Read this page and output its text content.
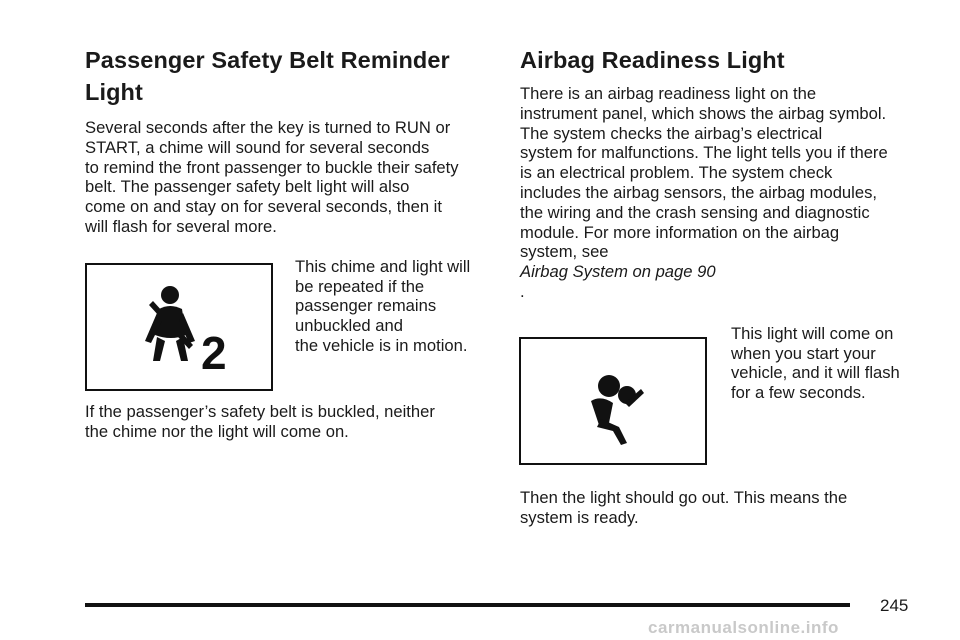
Passenger Safety Belt Reminder
Light

Several seconds after the key is turned to RUN or
START, a chime will sound for several seconds
to remind the front passenger to buckle their safety
belt. The passenger safety belt light will also
come on and stay on for several seconds, then it
will flash for several more.

2

This chime and light will
be repeated if the
passenger remains
unbuckled and
the vehicle is in motion.

If the passenger’s safety belt is buckled, neither
the chime nor the light will come on.

Airbag Readiness Light

There is an airbag readiness light on the
instrument panel, which shows the airbag symbol.
The system checks the airbag’s electrical
system for malfunctions. The light tells you if there
is an electrical problem. The system check
includes the airbag sensors, the airbag modules,
the wiring and the crash sensing and diagnostic
module. For more information on the airbag
system, see
Airbag System on page 90
.

This light will come on
when you start your
vehicle, and it will flash
for a few seconds.

Then the light should go out. This means the
system is ready.

245
carmanualsonline.info
